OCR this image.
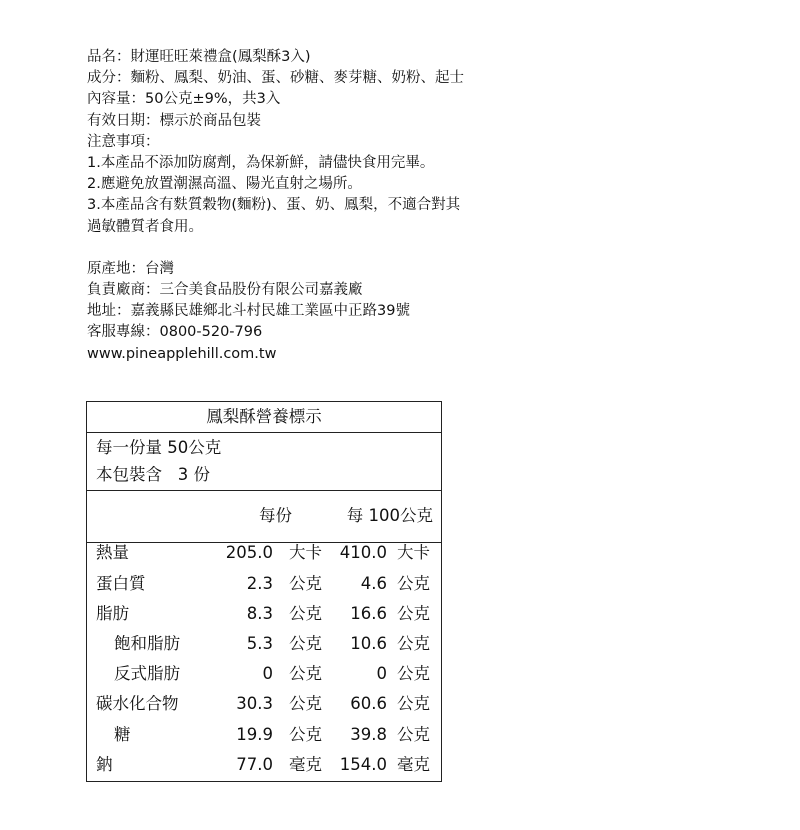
品名：財運旺旺萊禮盒(鳳梨酥3入)
成分：麵粉、鳳梨、奶油、蛋、砂糖、麥芽糖、奶粉、起士
內容量：50公克±9%，共3入
有效日期：標示於商品包裝
注意事項：
1.本產品不添加防腐劑，為保新鮮，請儘快食用完畢。
2.應避免放置潮濕高溫、陽光直射之場所。
3.本產品含有麩質穀物(麵粉)、蛋、奶、鳳梨，不適合對其
過敏體質者食用。
原產地：台灣
負責廠商：三合美食品股份有限公司嘉義廠
地址：嘉義縣民雄鄉北斗村民雄工業區中正路39號
客服專線：0800-520-796
www.pineapplehill.com.tw
鳳梨酥營養標示
每一份量 50公克
本包裝含   3 份
每份	每 100公克
熱量	205.0 大卡 410.0 大卡
蛋白質	2.3 公克 4.6 公克
脂肪	8.3 公克 16.6 公克
飽和脂肪	5.3 公克 10.6 公克
反式脂肪	0 公克	0 公克
碳水化合物	30.3 公克 60.6 公克
糖	19.9 公克 39.8 公克
鈉	77.0 毫克 154.0 毫克
